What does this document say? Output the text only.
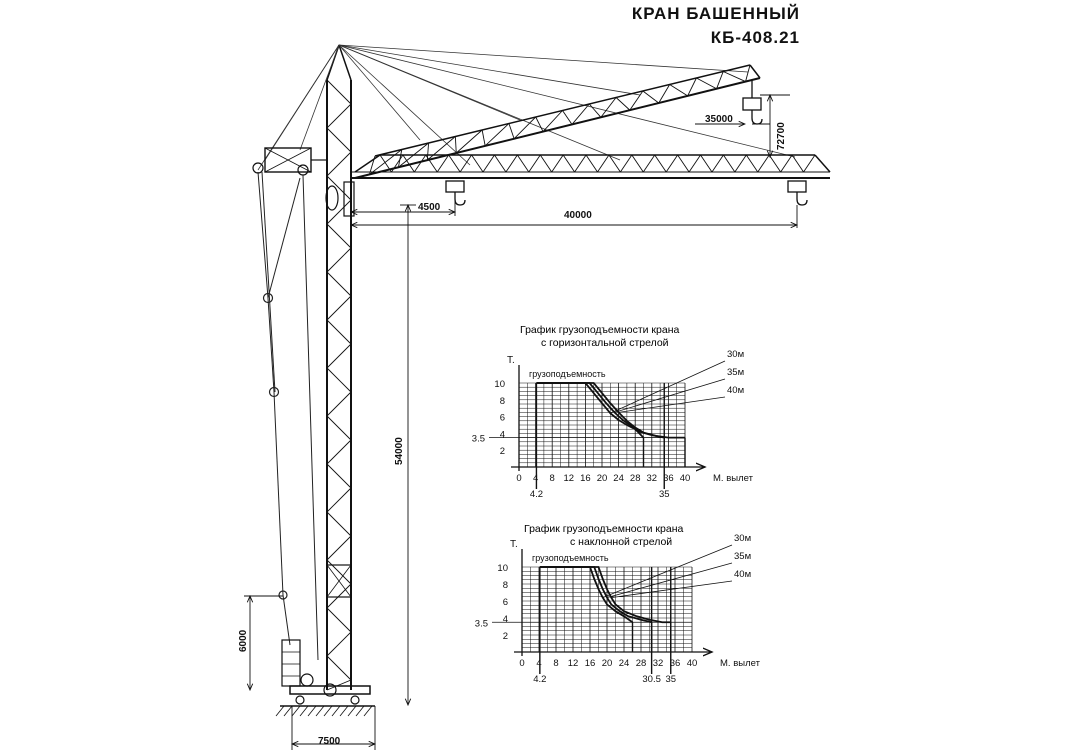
КРАН БАШЕННЫЙ
КБ-408.21
35000
72700
4500
40000
54000
6000
7500
График грузоподъемности крана
с горизонтальной стрелой
Т.
грузоподъемность
2
4
6
8
10
3.5
0 4 8 12 16 20 24 28 32 36 40 М. вылет
4.2	35
30м
35м
40м
График грузоподъемности крана
с наклонной стрелой
Т.
грузоподъемность
2
4
6
8
10
3.5
0 4 8 12 16 20 24 28 32 36 40 М. вылет
4.2	30.5 35
30м
35м
40м
